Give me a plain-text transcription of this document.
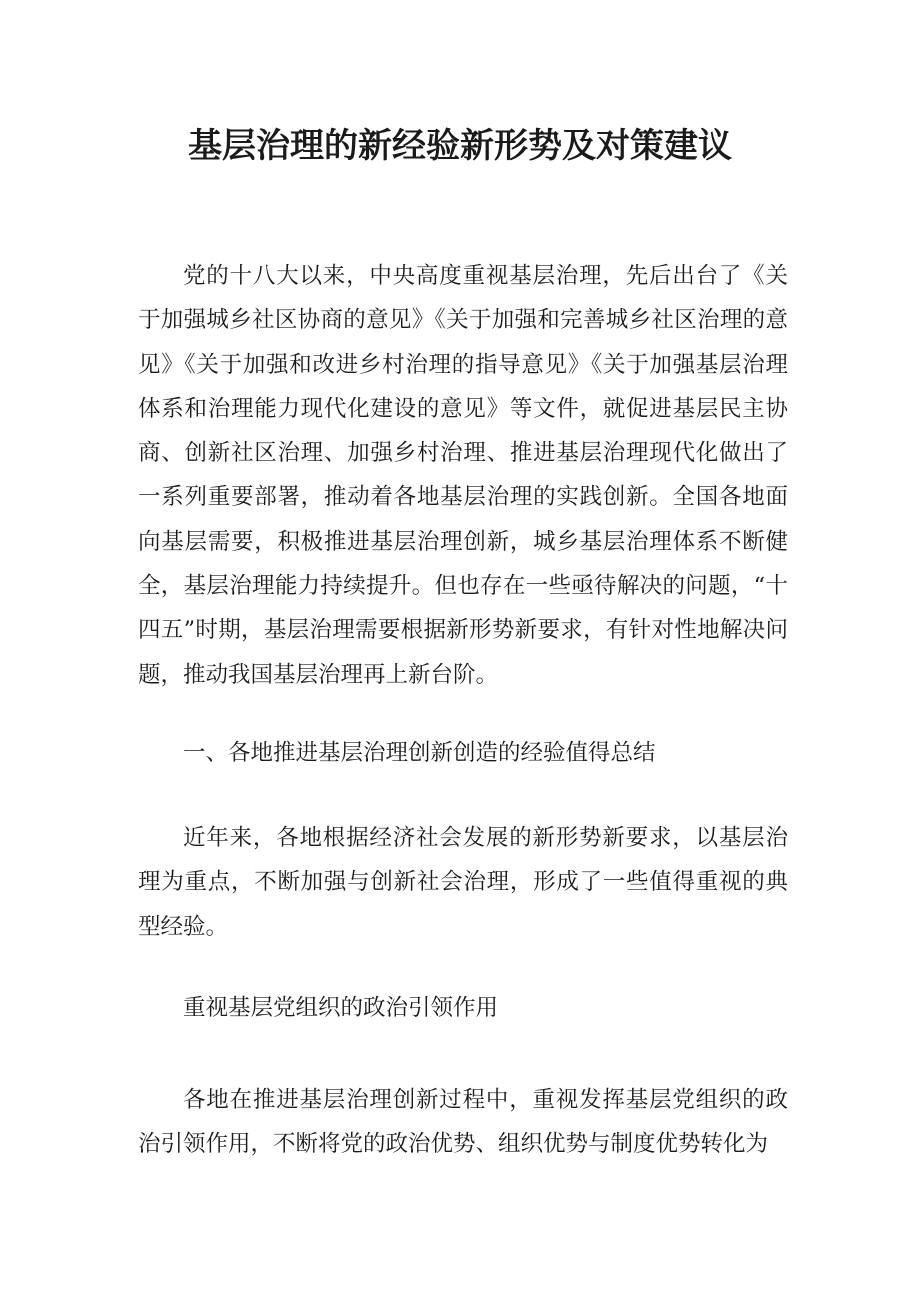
基层治理的新经验新形势及对策建议

党的十八大以来，中央高度重视基层治理，先后出台了《关于加强城乡社区协商的意见》《关于加强和完善城乡社区治理的意见》《关于加强和改进乡村治理的指导意见》《关于加强基层治理体系和治理能力现代化建设的意见》等文件，就促进基层民主协商、创新社区治理、加强乡村治理、推进基层治理现代化做出了一系列重要部署，推动着各地基层治理的实践创新。全国各地面向基层需要，积极推进基层治理创新，城乡基层治理体系不断健全，基层治理能力持续提升。但也存在一些亟待解决的问题，“十四五”时期，基层治理需要根据新形势新要求，有针对性地解决问题，推动我国基层治理再上新台阶。

一、各地推进基层治理创新创造的经验值得总结

近年来，各地根据经济社会发展的新形势新要求，以基层治理为重点，不断加强与创新社会治理，形成了一些值得重视的典型经验。

重视基层党组织的政治引领作用

各地在推进基层治理创新过程中，重视发挥基层党组织的政治引领作用，不断将党的政治优势、组织优势与制度优势转化为
